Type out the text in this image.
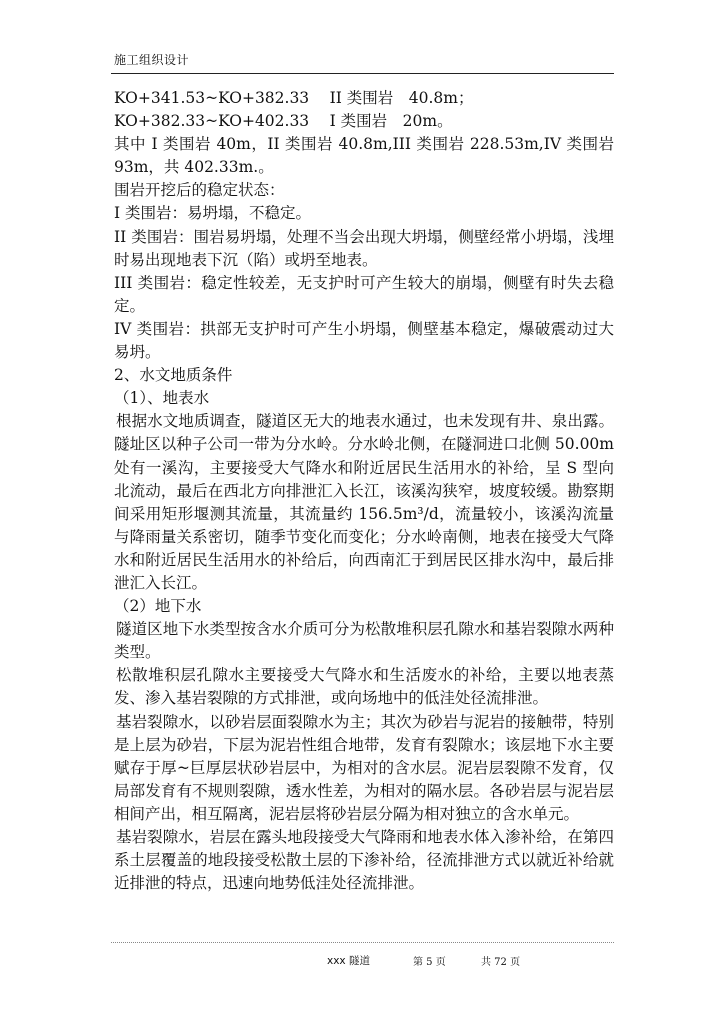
施工组织设计

KO+341.53~KO+382.33　 II 类围岩　40.8m；

KO+382.33~KO+402.33　 I 类围岩　20m。

其中 I 类围岩 40m，II 类围岩 40.8m,III 类围岩 228.53m,IV 类围岩 93m，共 402.33m.。

围岩开挖后的稳定状态：

I 类围岩：易坍塌，不稳定。

II 类围岩：围岩易坍塌，处理不当会出现大坍塌，侧壁经常小坍塌，浅埋时易出现地表下沉（陷）或坍至地表。

III 类围岩：稳定性较差，无支护时可产生较大的崩塌，侧壁有时失去稳定。

IV 类围岩：拱部无支护时可产生小坍塌，侧壁基本稳定，爆破震动过大易坍。

2、水文地质条件

（1）、地表水

根据水文地质调查，隧道区无大的地表水通过，也未发现有井、泉出露。隧址区以种子公司一带为分水岭。分水岭北侧，在隧洞进口北侧 50.00m 处有一溪沟，主要接受大气降水和附近居民生活用水的补给，呈 S 型向北流动，最后在西北方向排泄汇入长江，该溪沟狭窄，坡度较缓。勘察期间采用矩形堰测其流量，其流量约 156.5m³/d，流量较小，该溪沟流量与降雨量关系密切，随季节变化而变化；分水岭南侧，地表在接受大气降水和附近居民生活用水的补给后，向西南汇于到居民区排水沟中，最后排泄汇入长江。

（2）地下水

隧道区地下水类型按含水介质可分为松散堆积层孔隙水和基岩裂隙水两种类型。

松散堆积层孔隙水主要接受大气降水和生活废水的补给，主要以地表蒸发、渗入基岩裂隙的方式排泄，或向场地中的低洼处径流排泄。

基岩裂隙水，以砂岩层面裂隙水为主；其次为砂岩与泥岩的接触带，特别是上层为砂岩，下层为泥岩性组合地带，发育有裂隙水；该层地下水主要赋存于厚~巨厚层状砂岩层中，为相对的含水层。泥岩层裂隙不发育，仅局部发育有不规则裂隙，透水性差，为相对的隔水层。各砂岩层与泥岩层相间产出，相互隔离，泥岩层将砂岩层分隔为相对独立的含水单元。

基岩裂隙水，岩层在露头地段接受大气降雨和地表水体入渗补给，在第四系土层覆盖的地段接受松散土层的下渗补给，径流排泄方式以就近补给就近排泄的特点，迅速向地势低洼处径流排泄。

xxx 隧道	第 5 页	共 72 页
